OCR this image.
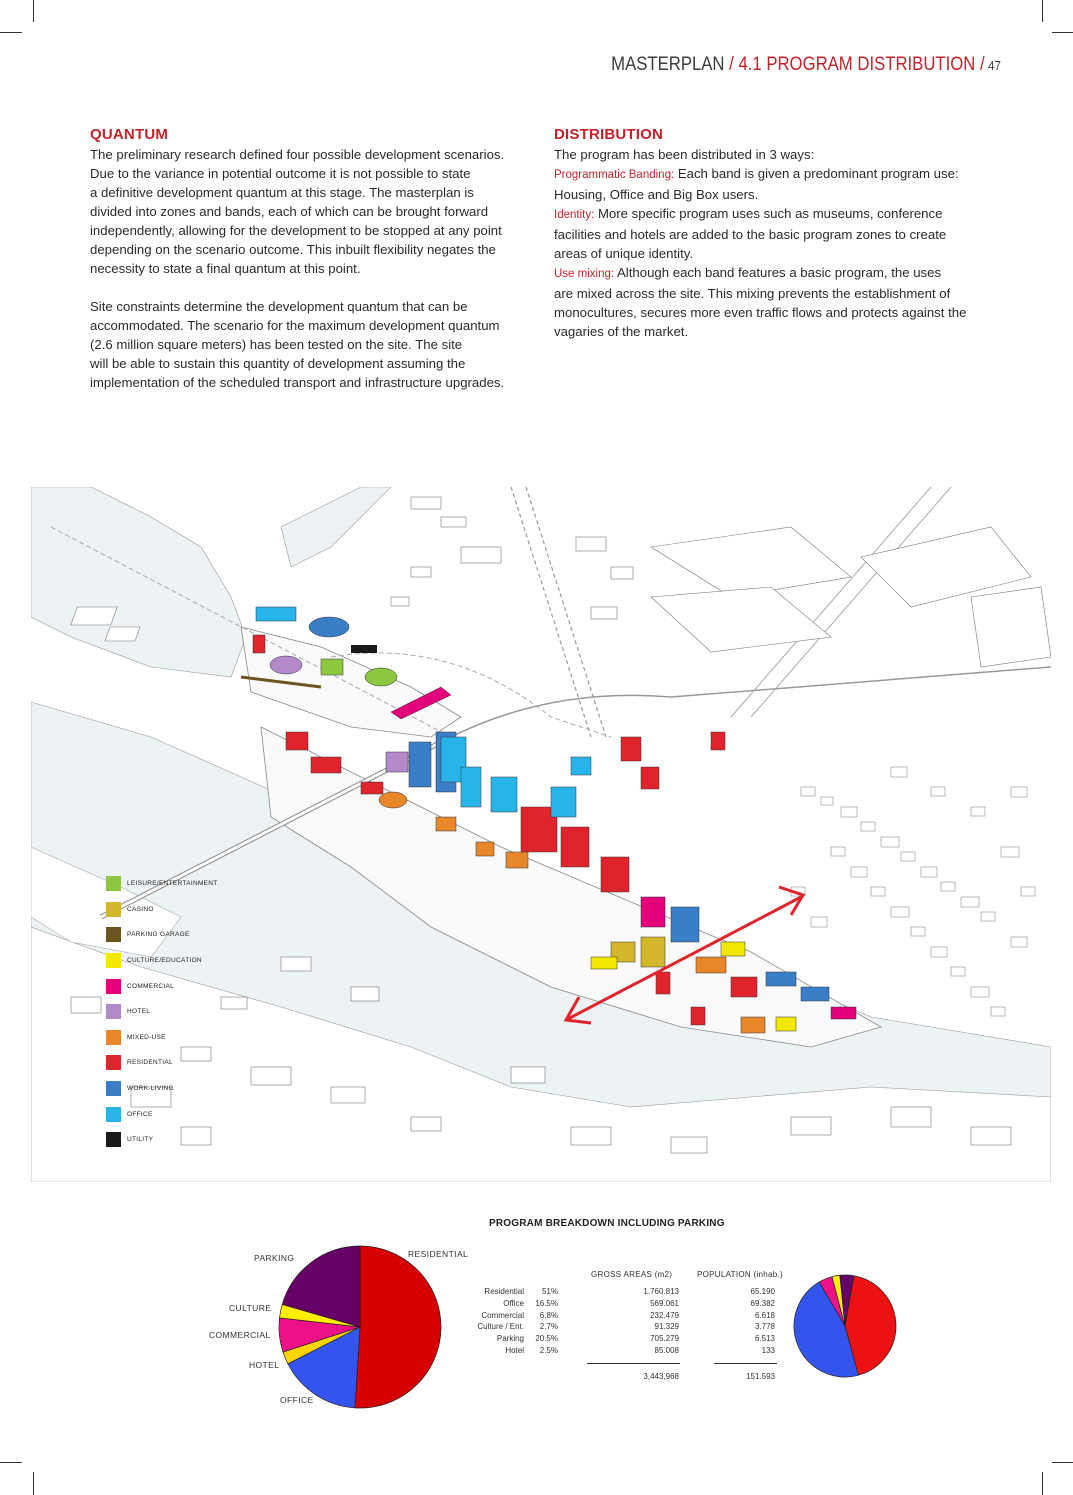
MASTERPLAN / 4.1 PROGRAM DISTRIBUTION / 47
QUANTUM

The preliminary research defined four possible development scenarios.

Due to the variance in potential outcome it is not possible to state

a definitive development quantum at this stage. The masterplan is

divided into zones and bands, each of which can be brought forward

independently, allowing for the development to be stopped at any point

depending on the scenario outcome. This inbuilt flexibility negates the

necessity to state a final quantum at this point.

Site constraints determine the development quantum that can be

accommodated. The scenario for the maximum development quantum

(2.6 million square meters) has been tested on the site. The site

will be able to sustain this quantity of development assuming the

implementation of the scheduled transport and infrastructure upgrades.

DISTRIBUTION

The program has been distributed in 3 ways:

Programmatic Banding: Each band is given a predominant program use:

Housing, Office and Big Box users.

Identity: More specific program uses such as museums, conference

facilities and hotels are added to the basic program zones to create

areas of unique identity.

Use mixing: Although each band features a basic program, the uses

are mixed across the site. This mixing prevents the establishment of

monocultures, secures more even traffic flows and protects against the

vagaries of the market.

LEISURE/ENTERTAINMENT
CASINO
PARKING GARAGE
CULTURE/EDUCATION
COMMERCIAL
HOTEL
MIXED-USE
RESIDENTIAL
WORK-LIVING
OFFICE
UTILITY
PROGRAM BREAKDOWN INCLUDING PARKING
PARKING	RESIDENTIAL
CULTURE
COMMERCIAL
HOTEL
OFFICE
GROSS AREAS (m2)	POPULATION (inhab.)
Residential	51%	1.760.813	65.190
Office	16.5%	569.061	69.382
Commercial	6.8%	232.479	6.618
Culture / Ent.	2.7%	91.329	3.778
Parking	20.5%	705.279	6.513
Hotel	2.5%	85.008	133
3,443,968	151.593
